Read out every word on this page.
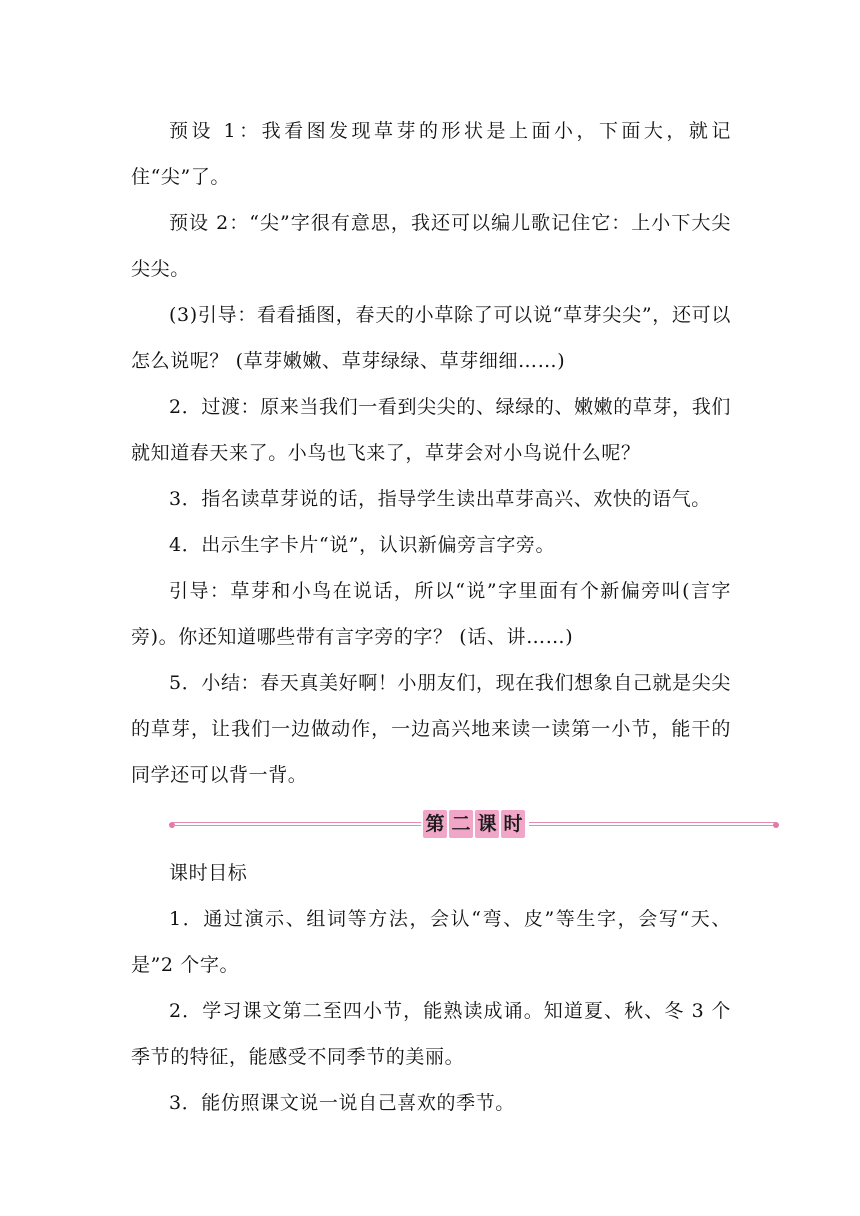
预设 1：我看图发现草芽的形状是上面小，下面大，就记住“尖”了。

预设 2：“尖”字很有意思，我还可以编儿歌记住它：上小下大尖尖尖。

(3)引导：看看插图，春天的小草除了可以说“草芽尖尖”，还可以怎么说呢？ (草芽嫩嫩、草芽绿绿、草芽细细……)

2．过渡：原来当我们一看到尖尖的、绿绿的、嫩嫩的草芽，我们就知道春天来了。小鸟也飞来了，草芽会对小鸟说什么呢？

3．指名读草芽说的话，指导学生读出草芽高兴、欢快的语气。

4．出示生字卡片“说”，认识新偏旁言字旁。

引导：草芽和小鸟在说话，所以“说”字里面有个新偏旁叫(言字旁)。你还知道哪些带有言字旁的字？ (话、讲……)

5．小结：春天真美好啊！小朋友们，现在我们想象自己就是尖尖的草芽，让我们一边做动作，一边高兴地来读一读第一小节，能干的同学还可以背一背。

第 二 课 时

课时目标

1．通过演示、组词等方法，会认“弯、皮”等生字，会写“天、是”2 个字。

2．学习课文第二至四小节，能熟读成诵。知道夏、秋、冬 3 个季节的特征，能感受不同季节的美丽。

3．能仿照课文说一说自己喜欢的季节。
